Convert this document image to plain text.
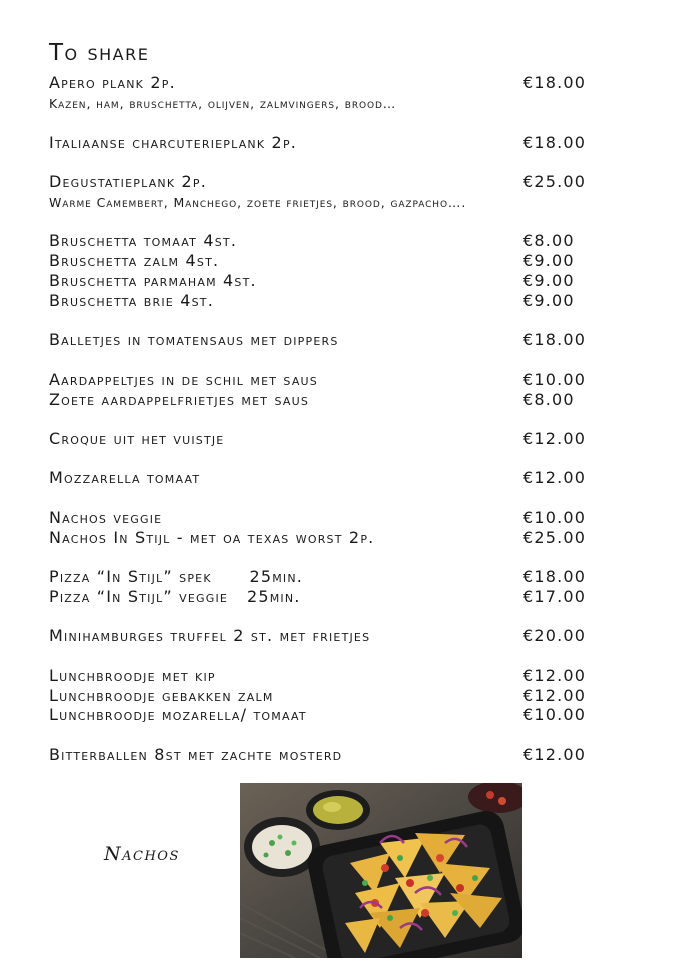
To share
Apero plank 2p.	€18.00
Kazen, ham, bruschetta, olijven, zalmvingers, brood…
Italiaanse charcuterieplank 2p.	€18.00
Degustatieplank 2p.	€25.00
Warme Camembert, Manchego, zoete frietjes, brood, gazpacho….
Bruschetta tomaat 4st.	€8.00
Bruschetta zalm 4st.	€9.00
Bruschetta parmaham 4st.	€9.00
Bruschetta brie 4st.	€9.00
Balletjes in tomatensaus met dippers	€18.00
Aardappeltjes in de schil met saus	€10.00
Zoete aardappelfrietjes met saus	€8.00
Croque uit het vuistje	€12.00
Mozzarella tomaat	€12.00
Nachos veggie	€10.00
Nachos In Stijl - met oa texas worst 2p.	€25.00
Pizza “In Stijl” spek      25min.	€18.00
Pizza “In Stijl” veggie   25min.	€17.00
Minihamburges truffel 2 st. met frietjes	€20.00
Lunchbroodje met kip	€12.00
Lunchbroodje gebakken zalm	€12.00
Lunchbroodje mozarella/ tomaat	€10.00
Bitterballen 8st met zachte mosterd	€12.00
Nachos
